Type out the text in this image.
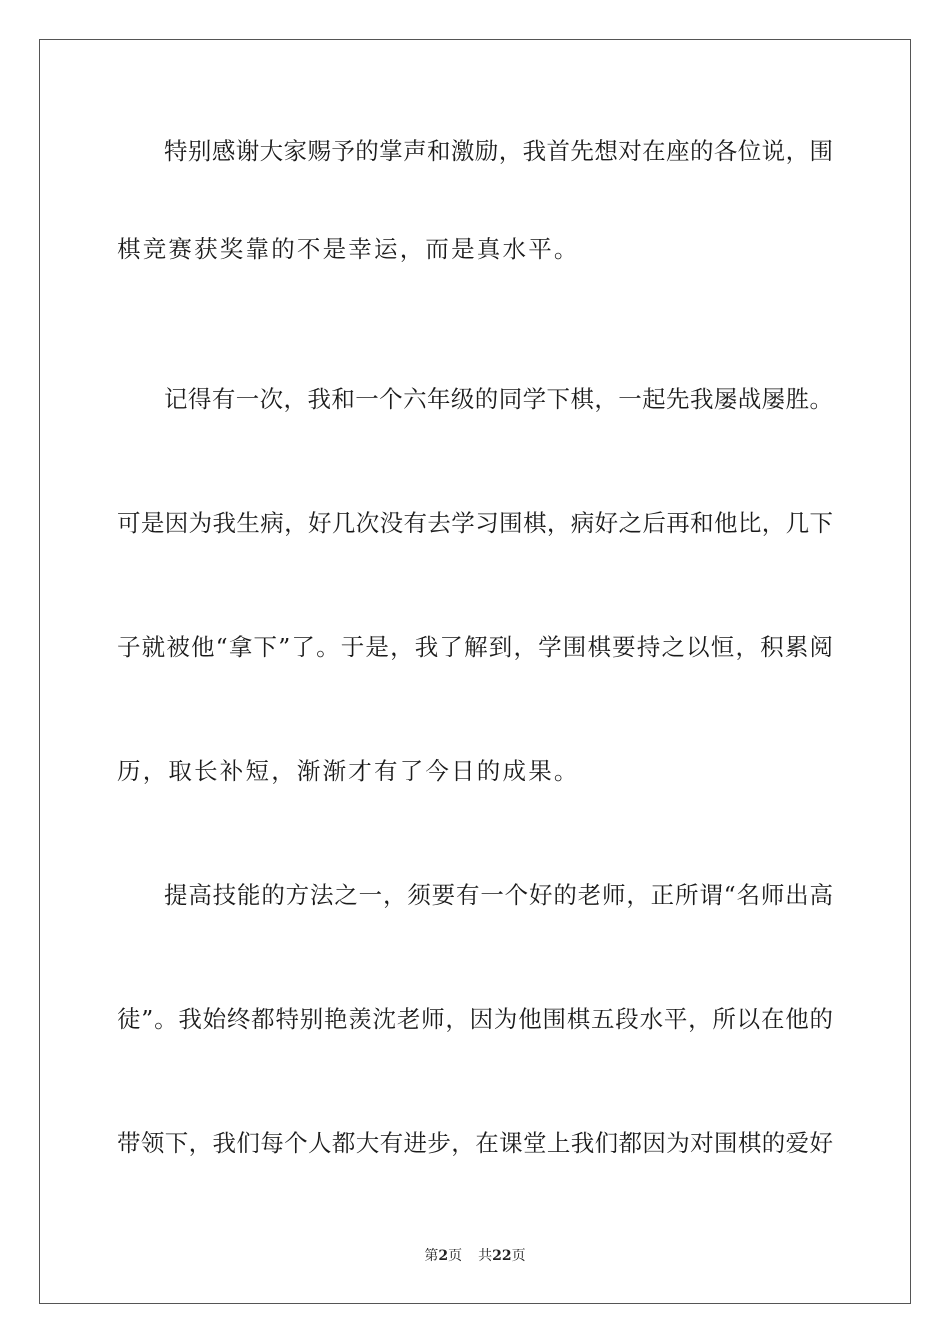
特别感谢大家赐予的掌声和激励，我首先想对在座的各位说，围
棋竞赛获奖靠的不是幸运，而是真水平。
记得有一次，我和一个六年级的同学下棋，一起先我屡战屡胜。
可是因为我生病，好几次没有去学习围棋，病好之后再和他比，几下
子就被他“拿下”了。于是，我了解到，学围棋要持之以恒，积累阅
历，取长补短，渐渐才有了今日的成果。
提高技能的方法之一，须要有一个好的老师，正所谓“名师出高
徒”。我始终都特别艳羡沈老师，因为他围棋五段水平，所以在他的
带领下，我们每个人都大有进步，在课堂上我们都因为对围棋的爱好
第2页 共22页
